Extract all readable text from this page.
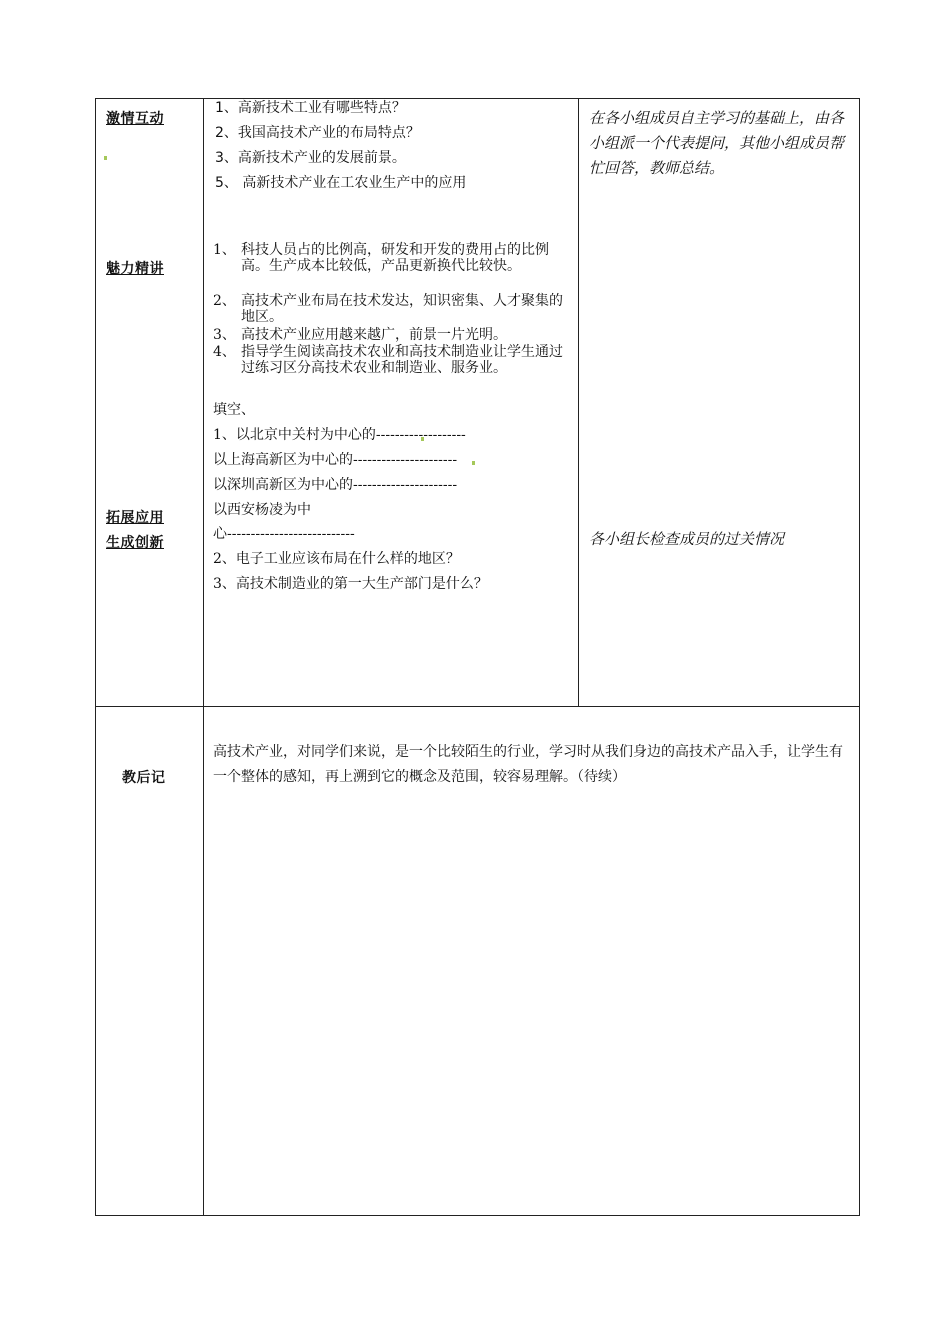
激情互动
魅力精讲
拓展应用
生成创新
教后记
1、高新技术工业有哪些特点？
2、我国高技术产业的布局特点？
3、高新技术产业的发展前景。
5、 高新技术产业在工农业生产中的应用
1、 科技人员占的比例高，研发和开发的费用占的比例高。生产成本比较低，产品更新换代比较快。
2、 高技术产业布局在技术发达，知识密集、人才聚集的地区。
3、 高技术产业应用越来越广，前景一片光明。
4、 指导学生阅读高技术农业和高技术制造业让学生通过过练习区分高技术农业和制造业、服务业。
填空、
1、以北京中关村为中心的-------------------
以上海高新区为中心的----------------------
以深圳高新区为中心的----------------------
以西安杨凌为中
心---------------------------
2、电子工业应该布局在什么样的地区？
3、高技术制造业的第一大生产部门是什么？
在各小组成员自主学习的基础上，由各小组派一个代表提问，其他小组成员帮忙回答，教师总结。
各小组长检查成员的过关情况
高技术产业，对同学们来说，是一个比较陌生的行业，学习时从我们身边的高技术产品入手，让学生有一个整体的感知，再上溯到它的概念及范围，较容易理解。（待续）
